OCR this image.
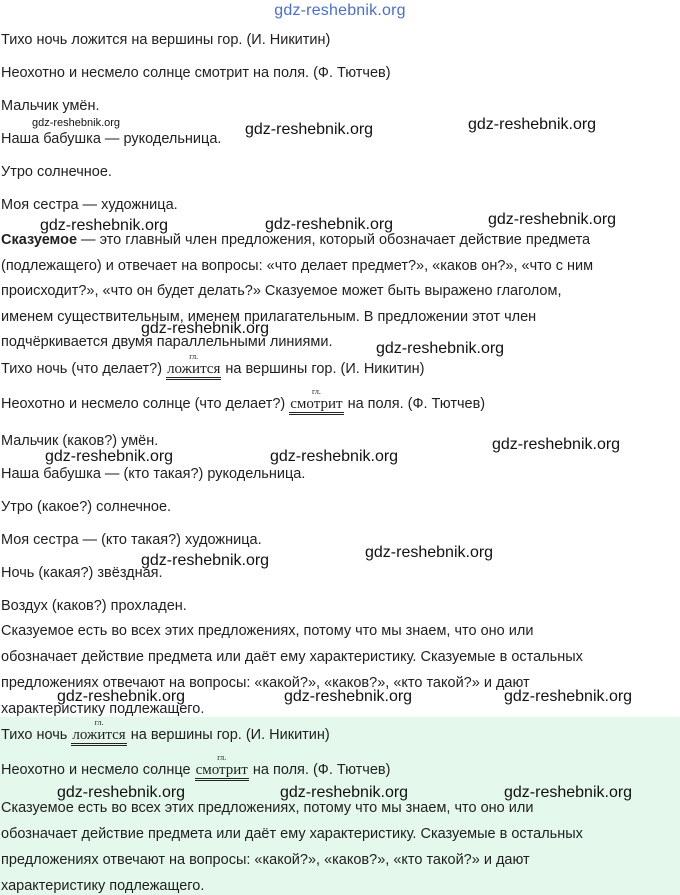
gdz-reshebnik.org

Тихо ночь ложится на вершины гор. (И. Никитин)

Неохотно и несмело солнце смотрит на поля. (Ф. Тютчев)

Мальчик умён.

Наша бабушка — рукодельница.

Утро солнечное.

Моя сестра — художница.

Сказуемое — это главный член предложения, который обозначает действие предмета

(подлежащего) и отвечает на вопросы: «что делает предмет?», «каков он?», «что с ним

происходит?», «что он будет делать?» Сказуемое может быть выражено глаголом,

именем существительным, именем прилагательным. В предложении этот член

подчёркивается двумя параллельными линиями.

Тихо ночь (что делает?)
гл.
ложится на вершины гор. (И. Никитин)

Неохотно и несмело солнце (что делает?)
гл.
смотрит на поля. (Ф. Тютчев)

Мальчик (каков?) умён.

Наша бабушка — (кто такая?) рукодельница.

Утро (какое?) солнечное.

Моя сестра — (кто такая?) художница.

Ночь (какая?) звёздная.

Воздух (каков?) прохладен.

Сказуемое есть во всех этих предложениях, потому что мы знаем, что оно или

обозначает действие предмета или даёт ему характеристику. Сказуемые в остальных

предложениях отвечают на вопросы: «какой?», «каков?», «кто такой?» и дают

характеристику подлежащего.

Тихо ночь
гл.
ложится на вершины гор. (И. Никитин)

Неохотно и несмело солнце
гл.
смотрит на поля. (Ф. Тютчев)

Сказуемое есть во всех этих предложениях, потому что мы знаем, что оно или

обозначает действие предмета или даёт ему характеристику. Сказуемые в остальных

предложениях отвечают на вопросы: «какой?», «каков?», «кто такой?» и дают

характеристику подлежащего.

gdz-reshebnik.org	gdz-reshebnik.org	gdz-reshebnik.org
gdz-reshebnik.org	gdz-reshebnik.org	gdz-reshebnik.org
gdz-reshebnik.org
gdz-reshebnik.org
gdz-reshebnik.org
gdz-reshebnik.org	gdz-reshebnik.org
gdz-reshebnik.org
gdz-reshebnik.org
gdz-reshebnik.org	gdz-reshebnik.org	gdz-reshebnik.org
gdz-reshebnik.org	gdz-reshebnik.org	gdz-reshebnik.org
